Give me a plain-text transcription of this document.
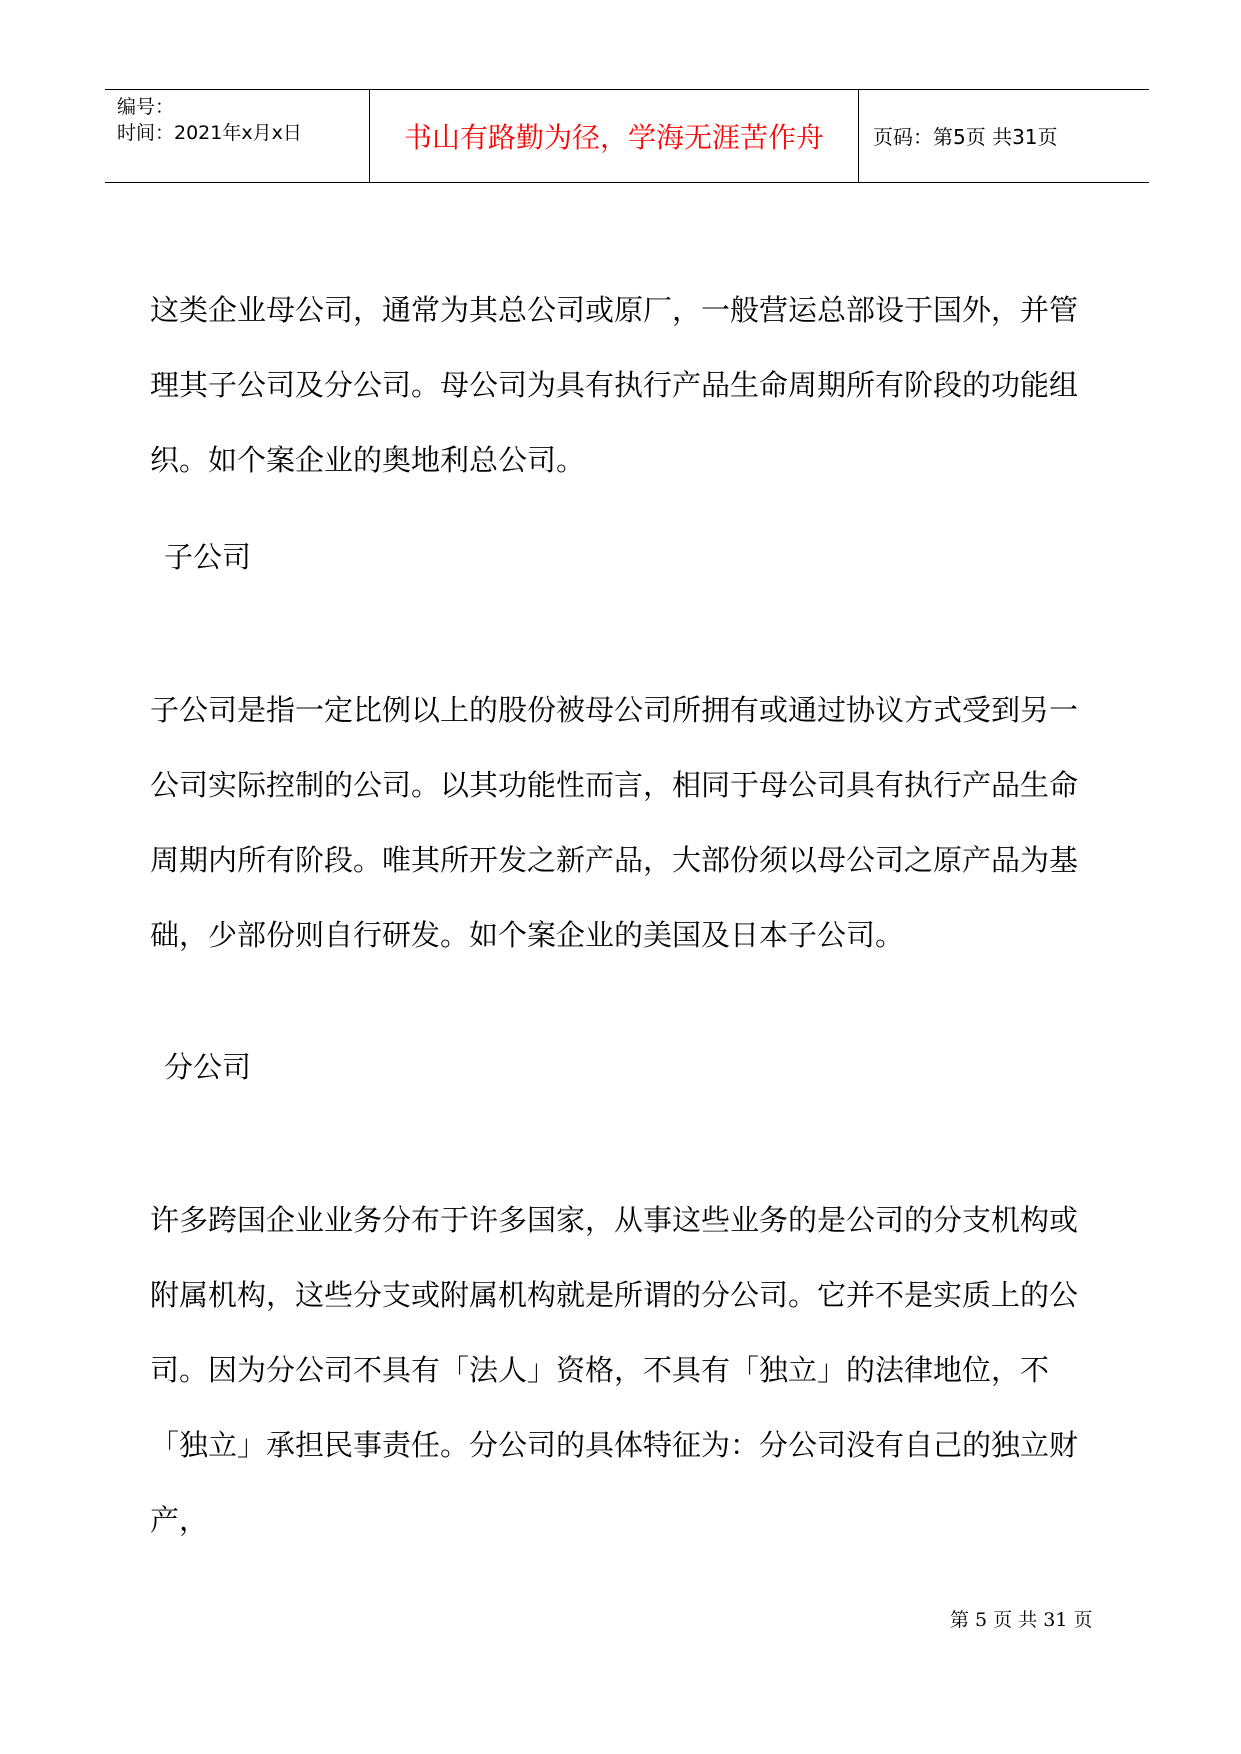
编号：
时间：2021年x月x日	书山有路勤为径，学海无涯苦作舟	页码：第5页 共31页

这类企业母公司，通常为其总公司或原厂，一般营运总部设于国外，并管理其子公司及分公司。母公司为具有执行产品生命周期所有阶段的功能组织。如个案企业的奥地利总公司。

子公司

子公司是指一定比例以上的股份被母公司所拥有或通过协议方式受到另一公司实际控制的公司。以其功能性而言，相同于母公司具有执行产品生命周期内所有阶段。唯其所开发之新产品，大部份须以母公司之原产品为基础，少部份则自行研发。如个案企业的美国及日本子公司。

分公司

许多跨国企业业务分布于许多国家，从事这些业务的是公司的分支机构或附属机构，这些分支或附属机构就是所谓的分公司。它并不是实质上的公司。因为分公司不具有「法人」资格，不具有「独立」的法律地位，不「独立」承担民事责任。分公司的具体特征为：分公司没有自己的独立财产，

第 5 页 共 31 页
